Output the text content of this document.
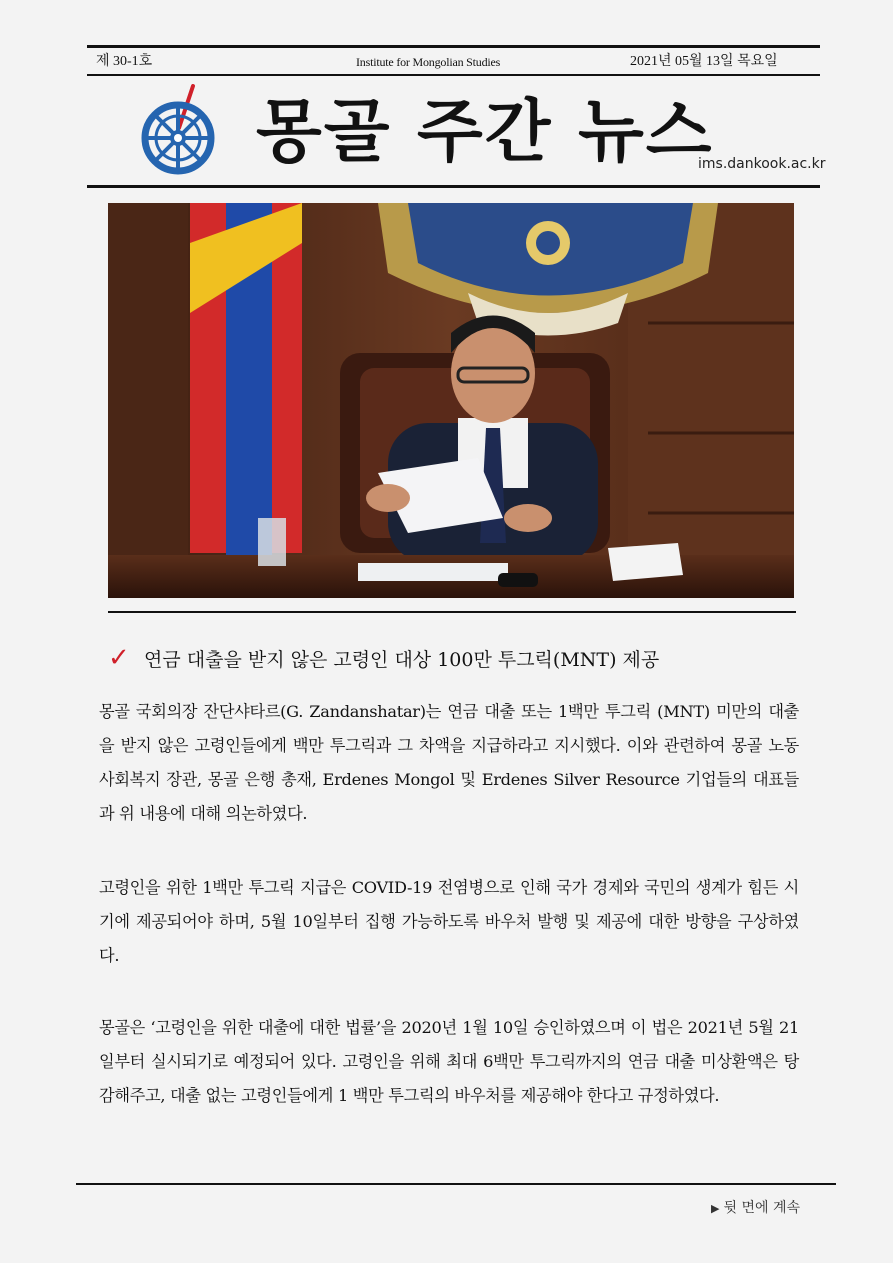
제 30-1호	Institute for Mongolian Studies	2021년 05월 13일 목요일
몽골 주간 뉴스
ims.dankook.ac.kr
✓ 연금 대출을 받지 않은 고령인 대상 100만 투그릭(MNT) 제공

몽골 국회의장 잔단샤타르(G. Zandanshatar)는 연금 대출 또는 1백만 투그릭 (MNT) 미만의 대출을 받지 않은 고령인들에게 백만 투그릭과 그 차액을 지급하라고 지시했다. 이와 관련하여 몽골 노동 사회복지 장관, 몽골 은행 총재, Erdenes Mongol 및 Erdenes Silver Resource 기업들의 대표들과 위 내용에 대해 의논하였다.

고령인을 위한 1백만 투그릭 지급은 COVID-19 전염병으로 인해 국가 경제와 국민의 생계가 힘든 시기에 제공되어야 하며, 5월 10일부터 집행 가능하도록 바우처 발행 및 제공에 대한 방향을 구상하였다.

몽골은 ‘고령인을 위한 대출에 대한 법률’을 2020년 1월 10일 승인하였으며 이 법은 2021년 5월 21일부터 실시되기로 예정되어 있다. 고령인을 위해 최대 6백만 투그릭까지의 연금 대출 미상환액은 탕감해주고, 대출 없는 고령인들에게 1 백만 투그릭의 바우처를 제공해야 한다고 규정하였다.

▶ 뒷 면에 계속
